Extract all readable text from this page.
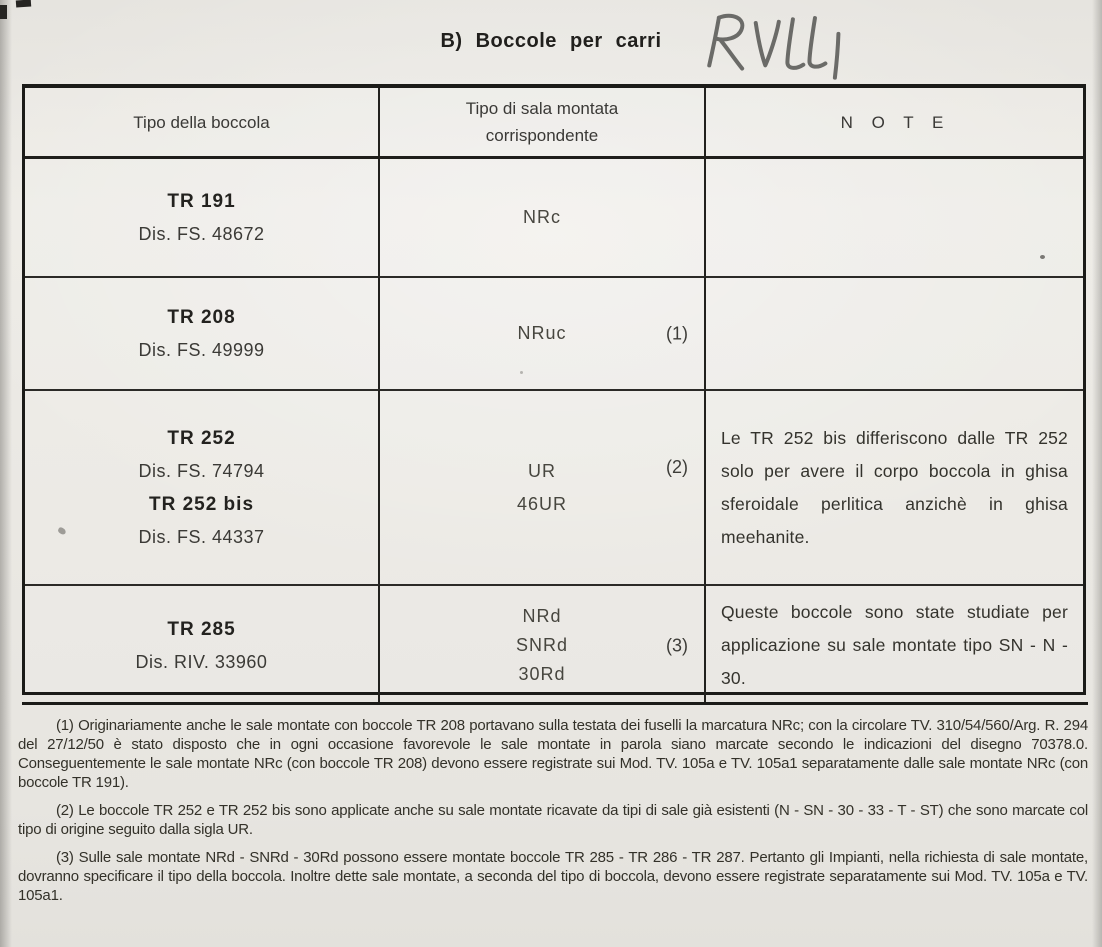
B) Boccole per carri
Tipo della boccola
Tipo di sala montata
corrispondente
N O T E
TR 191
Dis. FS. 48672
NRc
TR 208
Dis. FS. 49999
NRuc	(1)
TR 252
Dis. FS. 74794
TR 252 bis
Dis. FS. 44337
UR
46UR
(2)
Le TR 252 bis differiscono dalle TR 252 solo per avere il corpo boccola in ghisa sferoidale perlitica anzichè in ghisa meehanite.
TR 285
Dis. RIV. 33960
NRd
SNRd
30Rd
(3)
Queste boccole sono state studiate per applicazione su sale montate tipo SN - N - 30.

(1) Originariamente anche le sale montate con boccole TR 208 portavano sulla testata dei fuselli la marcatura NRc; con la circolare TV. 310/54/560/Arg. R. 294 del 27/12/50 è stato disposto che in ogni occasione favorevole le sale montate in parola siano marcate secondo le indicazioni del disegno 70378.0. Conseguentemente le sale montate NRc (con boccole TR 208) devono essere registrate sui Mod. TV. 105a e TV. 105a1 separatamente dalle sale montate NRc (con boccole TR 191).

(2) Le boccole TR 252 e TR 252 bis sono applicate anche su sale montate ricavate da tipi di sale già esistenti (N - SN - 30 - 33 - T - ST) che sono marcate col tipo di origine seguito dalla sigla UR.

(3) Sulle sale montate NRd - SNRd - 30Rd possono essere montate boccole TR 285 - TR 286 - TR 287. Pertanto gli Impianti, nella richiesta di sale montate, dovranno specificare il tipo della boccola. Inoltre dette sale montate, a seconda del tipo di boccola, devono essere registrate separatamente sui Mod. TV. 105a e TV. 105a1.
